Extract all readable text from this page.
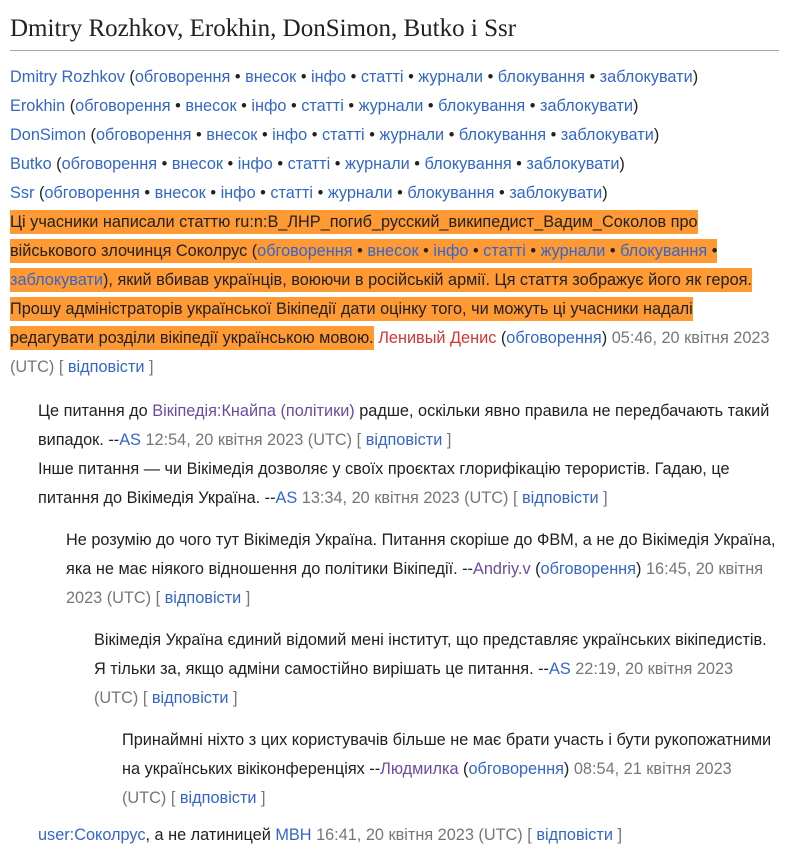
Dmitry Rozhkov, Erokhin, DonSimon, Butko і Ssr
Dmitry Rozhkov (обговорення • внесок • інфо • статті • журнали • блокування • заблокувати)
Erokhin (обговорення • внесок • інфо • статті • журнали • блокування • заблокувати)
DonSimon (обговорення • внесок • інфо • статті • журнали • блокування • заблокувати)
Butko (обговорення • внесок • інфо • статті • журнали • блокування • заблокувати)
Ssr (обговорення • внесок • інфо • статті • журнали • блокування • заблокувати)
Ці учасники написали статтю ru:n:В_ЛНР_погиб_русский_википедист_Вадим_Соколов про військового злочинця Соколрус (обговорення • внесок • інфо • статті • журнали • блокування • заблокувати), який вбивав українців, воюючи в російській армії. Ця стаття зображує його як героя. Прошу адміністраторів української Вікіпедії дати оцінку того, чи можуть ці учасники надалі редагувати розділи вікіпедії українською мовою. Ленивый Денис (обговорення) 05:46, 20 квітня 2023 (UTC) [ відповісти ]
Це питання до Вікіпедія:Кнайпа (політики) радше, оскільки явно правила не передбачають такий випадок. --AS 12:54, 20 квітня 2023 (UTC) [ відповісти ]
Інше питання — чи Вікімедія дозволяє у своїх проєктах глорифікацію терористів. Гадаю, це питання до Вікімедія Україна. --AS 13:34, 20 квітня 2023 (UTC) [ відповісти ]
Не розумію до чого тут Вікімедія Україна. Питання скоріше до ФВМ, а не до Вікімедія Україна, яка не має ніякого відношення до політики Вікіпедії. --Andriy.v (обговорення) 16:45, 20 квітня 2023 (UTC) [ відповісти ]
Вікімедія Україна єдиний відомий мені інститут, що представляє українських вікіпедистів. Я тільки за, якщо адміни самостійно вирішать це питання. --AS 22:19, 20 квітня 2023 (UTC) [ відповісти ]
Принаймні ніхто з цих користувачів більше не має брати участь і бути рукопожатними на українських вікіконференціях --Людмилка (обговорення) 08:54, 21 квітня 2023 (UTC) [ відповісти ]
user:Соколрус, а не латиницей МВН 16:41, 20 квітня 2023 (UTC) [ відповісти ]
